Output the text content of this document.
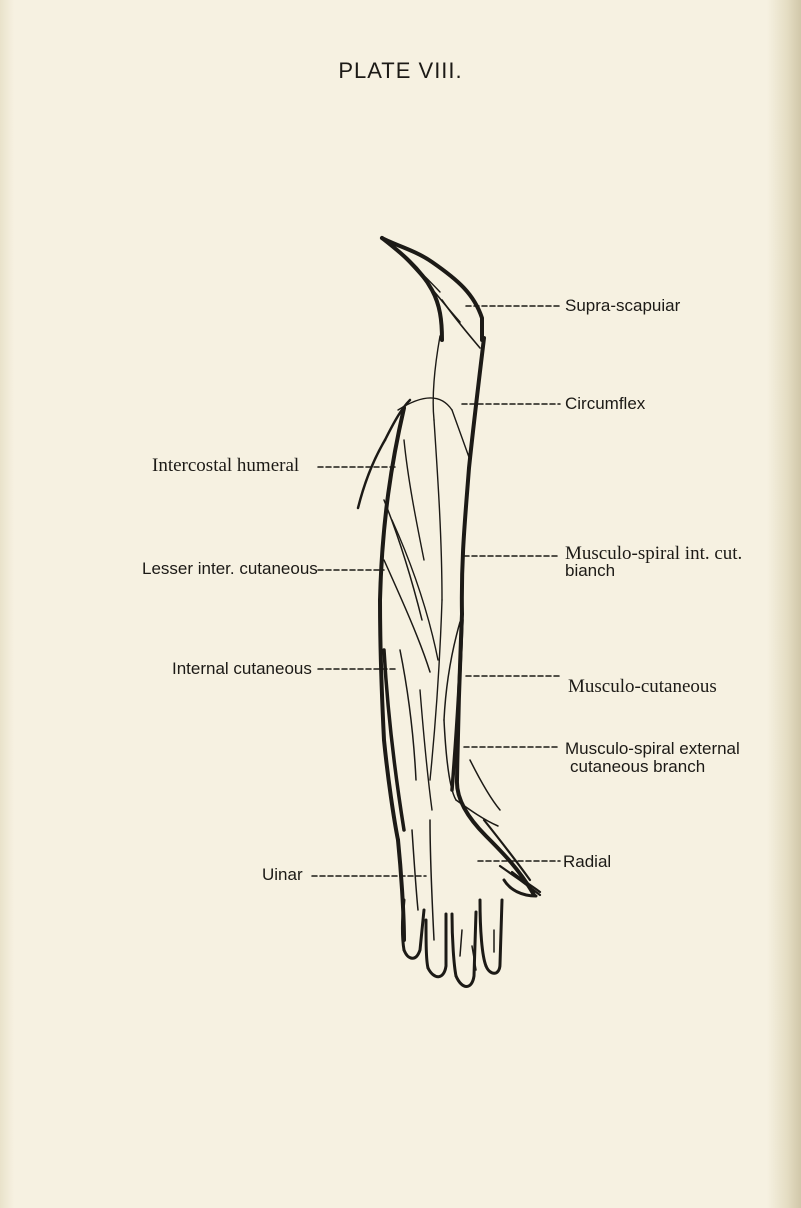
PLATE VIII.
Supra-scapuiar
Circumflex
Intercostal humeral
Lesser inter. cutaneous
Musculo-spiral int. cut.
bianch
Internal cutaneous
Musculo-cutaneous
Musculo-spiral external
cutaneous branch
Uinar
Radial
